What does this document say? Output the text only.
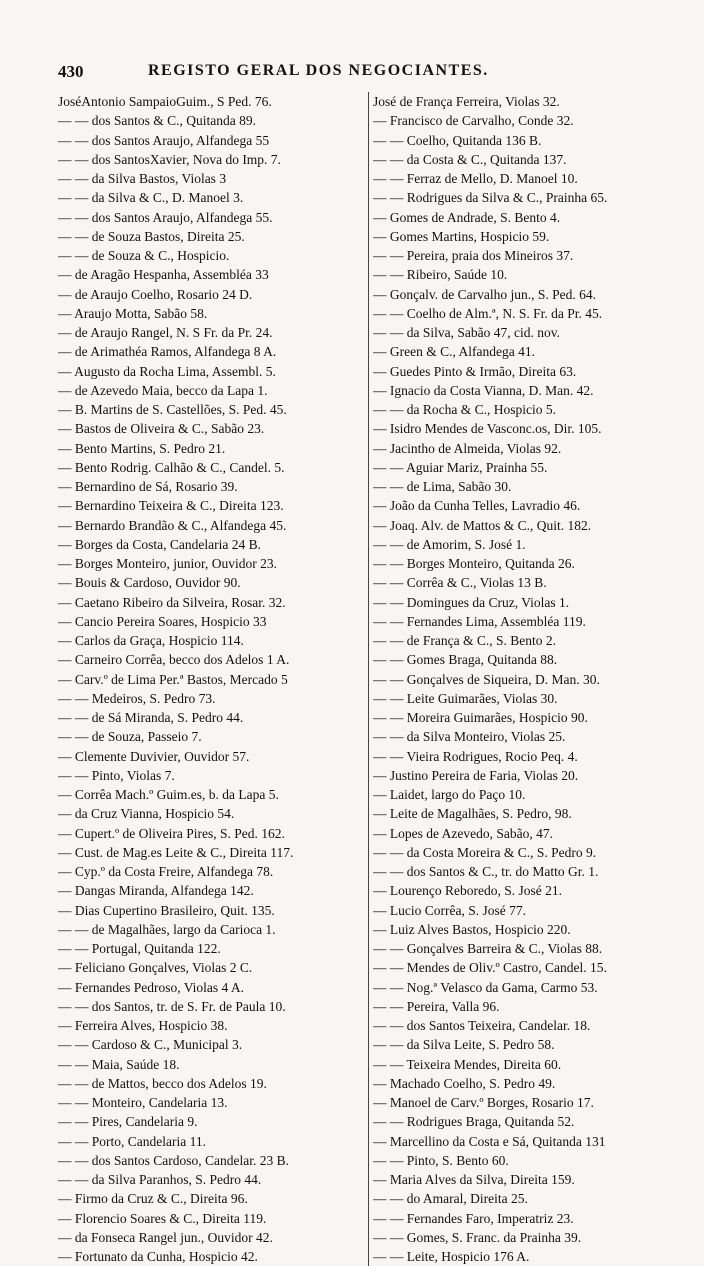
430	REGISTO GERAL DOS NEGOCIANTES.
JoséAntonio SampaioGuim., S Ped. 76.
— — dos Santos & C., Quitanda 89.
— — dos Santos Araujo, Alfandega 55
— — dos SantosXavier, Nova do Imp. 7.
— — da Silva Bastos, Violas 3
— — da Silva & C., D. Manoel 3.
— — dos Santos Araujo, Alfandega 55.
— — de Souza Bastos, Direita 25.
— — de Souza & C., Hospicio.
— de Aragão Hespanha, Assembléa 33
— de Araujo Coelho, Rosario 24 D.
— Araujo Motta, Sabão 58.
— de Araujo Rangel, N. S Fr. da Pr. 24.
— de Arimathéa Ramos, Alfandega 8 A.
— Augusto da Rocha Lima, Assembl. 5.
— de Azevedo Maia, becco da Lapa 1.
— B. Martins de S. Castellões, S. Ped. 45.
— Bastos de Oliveira & C., Sabão 23.
— Bento Martins, S. Pedro 21.
— Bento Rodrig. Calhão & C., Candel. 5.
— Bernardino de Sá, Rosario 39.
— Bernardino Teixeira & C., Direita 123.
— Bernardo Brandão & C., Alfandega 45.
— Borges da Costa, Candelaria 24 B.
— Borges Monteiro, junior, Ouvidor 23.
— Bouis & Cardoso, Ouvidor 90.
— Caetano Ribeiro da Silveira, Rosar. 32.
— Cancio Pereira Soares, Hospicio 33
— Carlos da Graça, Hospicio 114.
— Carneiro Corrêa, becco dos Adelos 1 A.
— Carv.º de Lima Per.ª Bastos, Mercado 5
— — Medeiros, S. Pedro 73.
— — de Sá Miranda, S. Pedro 44.
— — de Souza, Passeio 7.
— Clemente Duvivier, Ouvidor 57.
— — Pinto, Violas 7.
— Corrêa Mach.º Guim.es, b. da Lapa 5.
— da Cruz Vianna, Hospicio 54.
— Cupert.º de Oliveira Pires, S. Ped. 162.
— Cust. de Mag.es Leite & C., Direita 117.
— Cyp.º da Costa Freire, Alfandega 78.
— Dangas Miranda, Alfandega 142.
— Dias Cupertino Brasileiro, Quit. 135.
— — de Magalhães, largo da Carioca 1.
— — Portugal, Quitanda 122.
— Feliciano Gonçalves, Violas 2 C.
— Fernandes Pedroso, Violas 4 A.
— — dos Santos, tr. de S. Fr. de Paula 10.
— Ferreira Alves, Hospicio 38.
— — Cardoso & C., Municipal 3.
— — Maia, Saúde 18.
— — de Mattos, becco dos Adelos 19.
— — Monteiro, Candelaria 13.
— — Pires, Candelaria 9.
— — Porto, Candelaria 11.
— — dos Santos Cardoso, Candelar. 23 B.
— — da Silva Paranhos, S. Pedro 44.
— Firmo da Cruz & C., Direita 96.
— Florencio Soares & C., Direita 119.
— da Fonseca Rangel jun., Ouvidor 42.
— Fortunato da Cunha, Hospicio 42.
José de França Ferreira, Violas 32.
— Francisco de Carvalho, Conde 32.
— — Coelho, Quitanda 136 B.
— — da Costa & C., Quitanda 137.
— — Ferraz de Mello, D. Manoel 10.
— — Rodrigues da Silva & C., Prainha 65.
— Gomes de Andrade, S. Bento 4.
— Gomes Martins, Hospicio 59.
— — Pereira, praia dos Mineiros 37.
— — Ribeiro, Saúde 10.
— Gonçalv. de Carvalho jun., S. Ped. 64.
— — Coelho de Alm.ª, N. S. Fr. da Pr. 45.
— — da Silva, Sabão 47, cid. nov.
— Green & C., Alfandega 41.
— Guedes Pinto & Irmão, Direita 63.
— Ignacio da Costa Vianna, D. Man. 42.
— — da Rocha & C., Hospicio 5.
— Isidro Mendes de Vasconc.os, Dir. 105.
— Jacintho de Almeida, Violas 92.
— — Aguiar Mariz, Prainha 55.
— — de Lima, Sabão 30.
— João da Cunha Telles, Lavradio 46.
— Joaq. Alv. de Mattos & C., Quit. 182.
— — de Amorim, S. José 1.
— — Borges Monteiro, Quitanda 26.
— — Corrêa & C., Violas 13 B.
— — Domingues da Cruz, Violas 1.
— — Fernandes Lima, Assembléa 119.
— — de França & C., S. Bento 2.
— — Gomes Braga, Quitanda 88.
— — Gonçalves de Siqueira, D. Man. 30.
— — Leite Guimarães, Violas 30.
— — Moreira Guimarães, Hospicio 90.
— — da Silva Monteiro, Violas 25.
— — Vieira Rodrigues, Rocio Peq. 4.
— Justino Pereira de Faria, Violas 20.
— Laidet, largo do Paço 10.
— Leite de Magalhães, S. Pedro, 98.
— Lopes de Azevedo, Sabão, 47.
— — da Costa Moreira & C., S. Pedro 9.
— — dos Santos & C., tr. do Matto Gr. 1.
— Lourenço Reboredo, S. José 21.
— Lucio Corrêa, S. José 77.
— Luiz Alves Bastos, Hospicio 220.
— — Gonçalves Barreira & C., Violas 88.
— — Mendes de Oliv.º Castro, Candel. 15.
— — Nog.ª Velasco da Gama, Carmo 53.
— — Pereira, Valla 96.
— — dos Santos Teixeira, Candelar. 18.
— — da Silva Leite, S. Pedro 58.
— — Teixeira Mendes, Direita 60.
— Machado Coelho, S. Pedro 49.
— Manoel de Carv.º Borges, Rosario 17.
— — Rodrigues Braga, Quitanda 52.
— Marcellino da Costa e Sá, Quitanda 131
— — Pinto, S. Bento 60.
— Maria Alves da Silva, Direita 159.
— — do Amaral, Direita 25.
— — Fernandes Faro, Imperatriz 23.
— — Gomes, S. Franc. da Prainha 39.
— — Leite, Hospicio 176 A.
